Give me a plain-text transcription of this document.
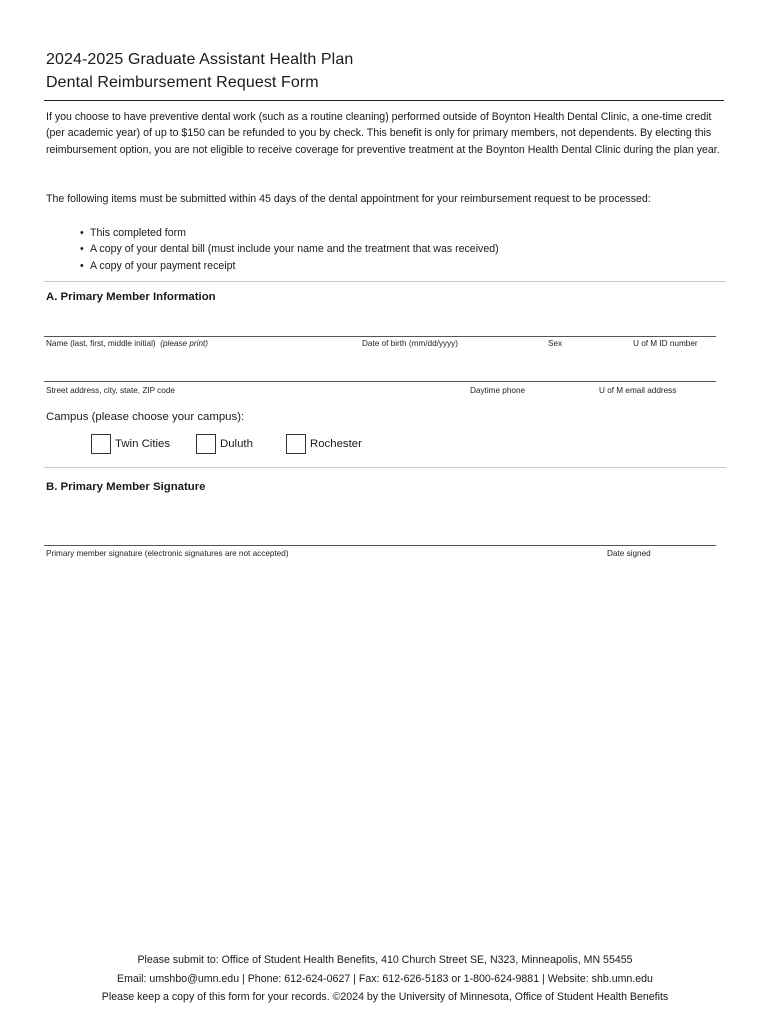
2024-2025 Graduate Assistant Health Plan
Dental Reimbursement Request Form
If you choose to have preventive dental work (such as a routine cleaning) performed outside of Boynton Health Dental Clinic, a one-time credit (per academic year) of up to $150 can be refunded to you by check. This benefit is only for primary members, not dependents. By electing this reimbursement option, you are not eligible to receive coverage for preventive treatment at the Boynton Health Dental Clinic during the plan year.
The following items must be submitted within 45 days of the dental appointment for your reimbursement request to be processed:
• This completed form
• A copy of your dental bill (must include your name and the treatment that was received)
• A copy of your payment receipt
A. Primary Member Information
Name (last, first, middle initial) (please print)	Date of birth (mm/dd/yyyy)	Sex	U of M ID number
Street address, city, state, ZIP code	Daytime phone	U of M email address
Campus (please choose your campus):
Twin Cities	Duluth	Rochester
B. Primary Member Signature
Primary member signature (electronic signatures are not accepted)	Date signed
Please submit to: Office of Student Health Benefits, 410 Church Street SE, N323, Minneapolis, MN 55455
Email: umshbo@umn.edu | Phone: 612-624-0627 | Fax: 612-626-5183 or 1-800-624-9881 | Website: shb.umn.edu
Please keep a copy of this form for your records. ©2024 by the University of Minnesota, Office of Student Health Benefits
